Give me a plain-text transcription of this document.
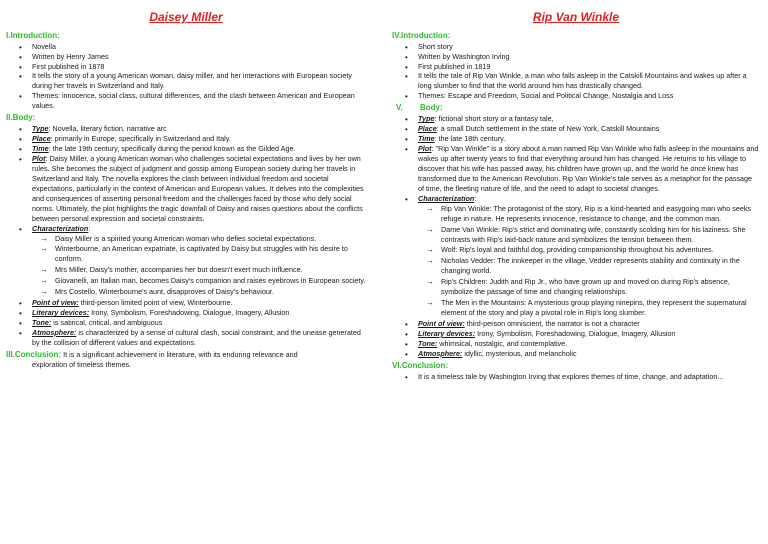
Daisey Miller
I.Introduction:
• Novella
• Written by Henry James
• First published in 1878
• It tells the story of a young American woman, daisy miller, and her interactions with European society during her travels in Switzerland and Italy.
• Themes: innocence, social class, cultural differences, and the clash between American and European values.
II.Body:
• Type: Novella, literary fiction, narrative arc
• Place: primarily in Europe, specifically in Switzerland and Italy.
• Time: the late 19th century, specifically during the period known as the Gilded Age.
• Plot: Daisy Miller, a young American woman who challenges societal expectations and lives by her own rules. She becomes the subject of judgment and gossip among European society during her travels in Switzerland and Italy. The novella explores the clash between individual freedom and societal expectations, particularly in the context of American and European values. It delves into the complexities and consequences of asserting personal freedom and the challenges faced by those who defy social norms. Ultimately, the plot highlights the tragic downfall of Daisy and raises questions about the conflicts between personal expression and societal constraints.
• Characterization:
→ Daisy Miller is a spirited young American woman who defies societal expectations.
→ Winterbourne, an American expatriate, is captivated by Daisy but struggles with his desire to conform.
→ Mrs Miller, Daisy's mother, accompanies her but doesn't exert much influence.
→ Giovanelli, an Italian man, becomes Daisy's companion and raises eyebrows in European society.
→ Mrs Costello, Winterbourne's aunt, disapproves of Daisy's behaviour.
• Point of view: third-person limited point of view, Winterbourne.
• Literary devices: Irony, Symbolism, Foreshadowing, Dialogue, Imagery, Allusion
• Tone: is satirical, critical, and ambiguous
• Atmosphere: is characterized by a sense of cultural clash, social constraint, and the unease generated by the collision of different values and expectations.
III.Conclusion: It is a significant achievement in literature, with its enduring relevance and
exploration of timeless themes.
Rip Van Winkle
IV.Introduction:
• Short story
• Written by Washington Irving
• First published in 1819
• It tells the tale of Rip Van Winkle, a man who falls asleep in the Catskill Mountains and wakes up after a long slumber to find that the world around him has drastically changed.
• Themes: Escape and Freedom, Social and Political Change, Nostalgia and Loss
V. Body:
• Type: fictional short story or a fantasy tale,
• Place: a small Dutch settlement in the state of New York, Catskill Mountains
• Time: the late 18th century.
• Plot: "Rip Van Winkle" is a story about a man named Rip Van Winkle who falls asleep in the mountains and wakes up after twenty years to find that everything around him has changed. He returns to his village to discover that his wife has passed away, his children have grown up, and the world he once knew has transformed due to the American Revolution. Rip Van Winkle's tale serves as a metaphor for the passage of time, the fleeting nature of life, and the need to adapt to societal changes.
• Characterization:
→ Rip Van Winkle: The protagonist of the story, Rip is a kind-hearted and easygoing man who seeks refuge in nature. He represents innocence, resistance to change, and the common man.
→ Dame Van Winkle: Rip's strict and dominating wife, constantly scolding him for his laziness. She contrasts with Rip's laid-back nature and symbolizes the tension between them.
→ Wolf: Rip's loyal and faithful dog, providing companionship throughout his adventures.
→ Nicholas Vedder: The innkeeper in the village, Vedder represents stability and continuity in the changing world.
→ Rip's Children: Judith and Rip Jr., who have grown up and moved on during Rip's absence, symbolize the passage of time and changing relationships.
→ The Men in the Mountains: A mysterious group playing ninepins, they represent the supernatural element of the story and play a pivotal role in Rip's long slumber.
• Point of view: third-person omniscient, the narrator is not a character
• Literary devices: Irony, Symbolism, Foreshadowing, Dialogue, Imagery, Allusion
• Tone: whimsical, nostalgic, and contemplative.
• Atmosphere: idyllic, mysterious, and melancholic
VI.Conclusion:
• It is a timeless tale by Washington Irving that explores themes of time, change, and adaptation...
